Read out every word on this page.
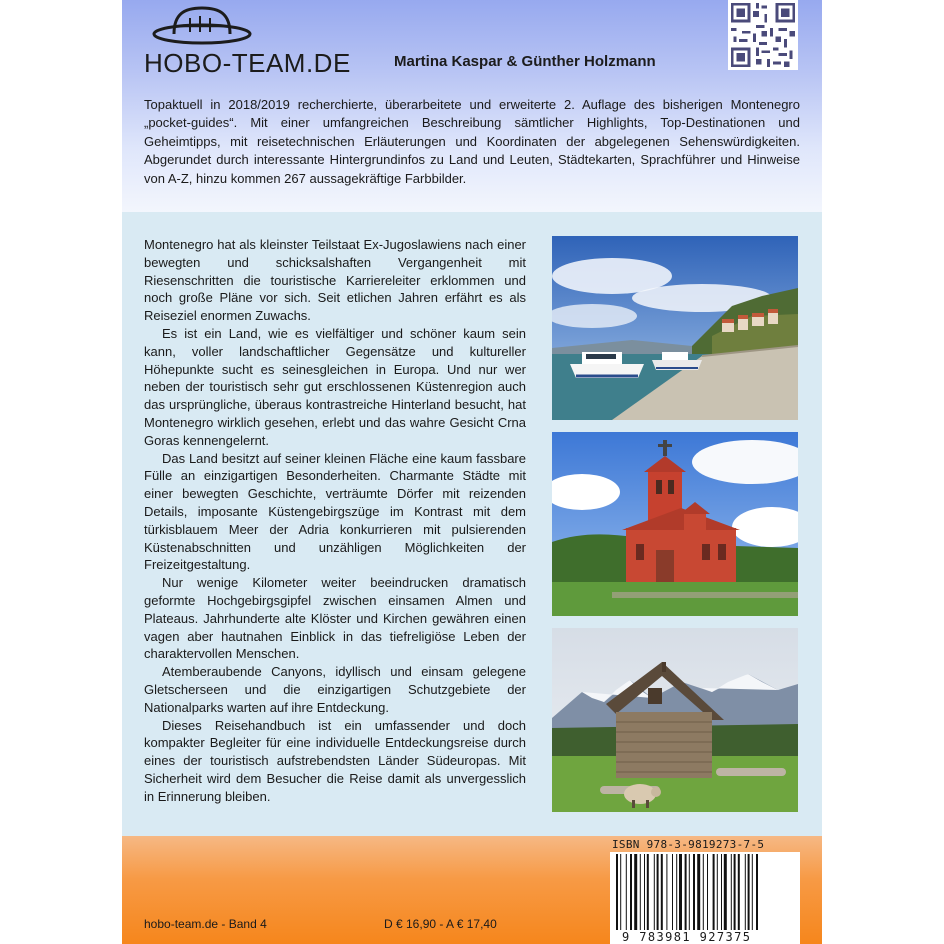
HOBO-TEAM.DE	Martina Kaspar & Günther Holzmann
Topaktuell in 2018/2019 recherchierte, überarbeitete und erweiterte 2. Auflage des bisherigen Montenegro „pocket-guides“. Mit einer umfangreichen Beschreibung sämtlicher Highlights, Top-Destinationen und Geheimtipps, mit reisetechnischen Erläuterungen und Koordinaten der abgelegenen Sehenswürdigkeiten. Abgerundet durch interessante Hintergrundinfos zu Land und Leuten, Städtekarten, Sprachführer und Hinweise von A-Z, hinzu kommen 267 aussagekräftige Farbbilder.

Montenegro hat als kleinster Teilstaat Ex-Jugoslawiens nach einer bewegten und schicksalshaften Vergangenheit mit Riesenschritten die touristische Karriereleiter erklommen und noch große Pläne vor sich. Seit etlichen Jahren erfährt es als Reiseziel enormen Zuwachs.

Es ist ein Land, wie es vielfältiger und schöner kaum sein kann, voller landschaftlicher Gegensätze und kultureller Höhepunkte sucht es seinesgleichen in Europa. Und nur wer neben der touristisch sehr gut erschlossenen Küstenregion auch das ursprüngliche, überaus kontrastreiche Hinterland besucht, hat Montenegro wirklich gesehen, erlebt und das wahre Gesicht Crna Goras kennengelernt.

Das Land besitzt auf seiner kleinen Fläche eine kaum fassbare Fülle an einzigartigen Besonderheiten. Charmante Städte mit einer bewegten Geschichte, verträumte Dörfer mit reizenden Details, imposante Küstengebirgszüge im Kontrast mit dem türkisblauem Meer der Adria konkurrieren mit pulsierenden Küstenabschnitten und unzähligen Möglichkeiten der Freizeitgestaltung.

Nur wenige Kilometer weiter beeindrucken dramatisch geformte Hochgebirgsgipfel zwischen einsamen Almen und Plateaus. Jahrhunderte alte Klöster und Kirchen gewähren einen vagen aber hautnahen Einblick in das tiefreligiöse Leben der charaktervollen Menschen.

Atemberaubende Canyons, idyllisch und einsam gelegene Gletscherseen und die einzigartigen Schutzgebiete der Nationalparks warten auf ihre Entdeckung.

Dieses Reisehandbuch ist ein umfassender und doch kompakter Begleiter für eine individuelle Entdeckungsreise durch eines der touristisch aufstrebendsten Länder Südeuropas. Mit Sicherheit wird dem Besucher die Reise damit als unvergesslich in Erinnerung bleiben.

hobo-team.de - Band 4	D € 16,90 - A € 17,40
ISBN 978-3-9819273-7-5
9 783981 927375
